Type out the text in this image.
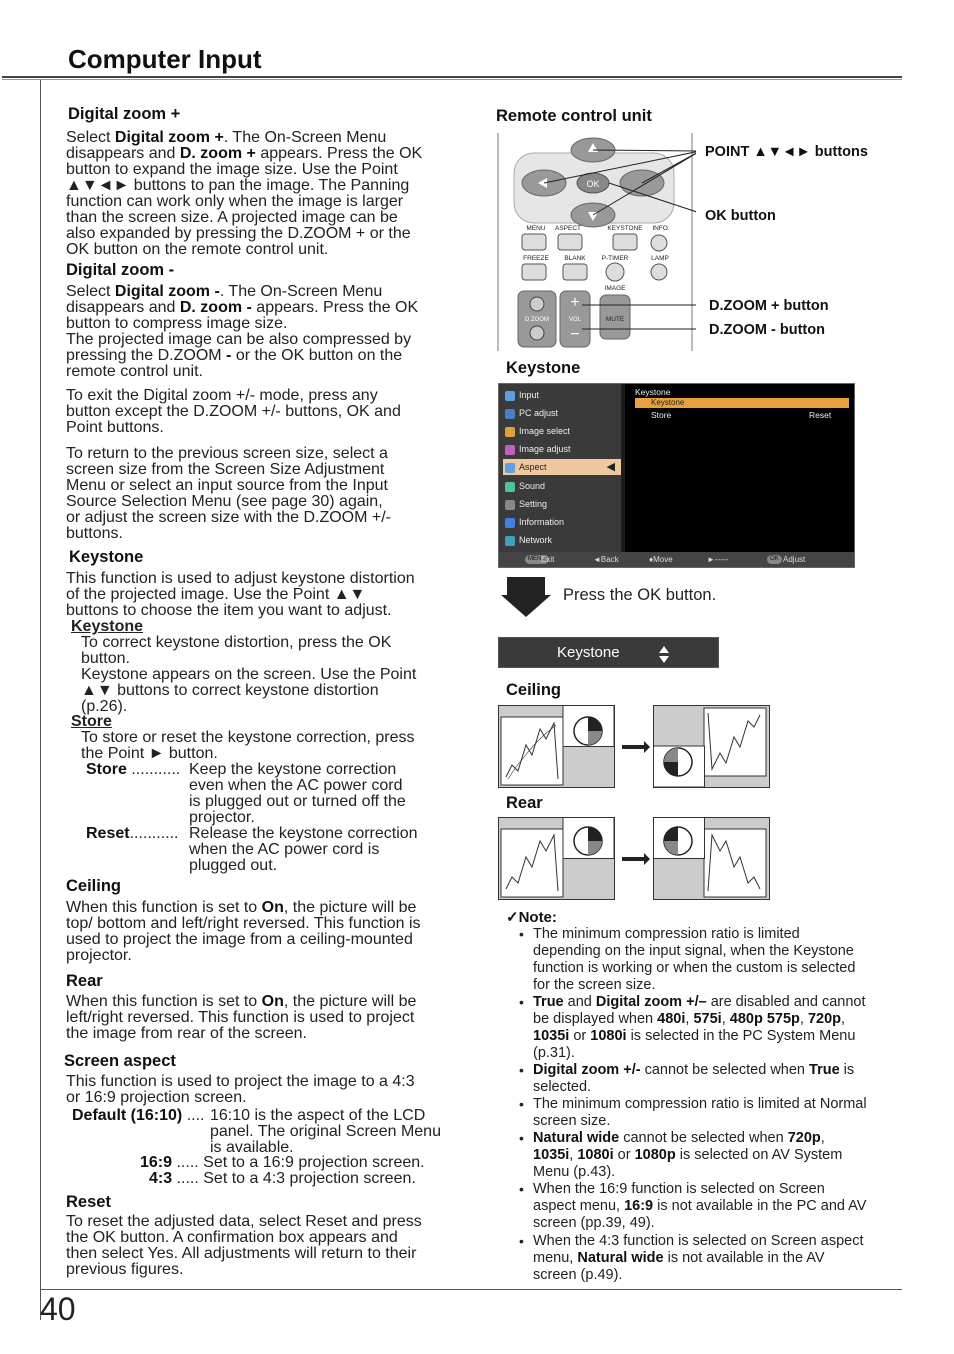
Computer Input
40
Digital zoom +
Select Digital zoom +. The On-Screen Menu
disappears and D. zoom + appears. Press the OK
button to expand the image size. Use the Point
▲▼◄► buttons to pan the image. The Panning
function can work only when the image is larger
than the screen size. A projected image can be
also expanded by pressing the D.ZOOM + or the
OK button on the remote control unit.
Digital zoom -
Select Digital zoom -. The On-Screen Menu
disappears and D. zoom - appears. Press the OK
button to compress image size.
The projected image can be also compressed by
pressing the D.ZOOM - or the OK button on the
remote control unit.
To exit the Digital zoom +/- mode, press any
button except the D.ZOOM +/- buttons, OK and
Point buttons.
To return to the previous screen size, select a
screen size from the Screen Size Adjustment
Menu or select an input source from the Input
Source Selection Menu (see page 30) again,
or adjust the screen size with the D.ZOOM +/-
buttons.
Keystone
This function is used to adjust keystone distortion
of the projected image. Use the Point ▲▼
buttons to choose the item you want to adjust.
Keystone
To correct keystone distortion, press the OK
button.
Keystone appears on the screen. Use the Point
▲▼ buttons to correct keystone distortion
(p.26).
Store
To store or reset the keystone correction, press
the Point ► button.
Store ........... Keep the keystone correction
even when the AC power cord
is plugged out or turned off the
projector.
Reset........... Release the keystone correction
when the AC power cord is
plugged out.
Ceiling
When this function is set to On, the picture will be
top/ bottom and left/right reversed. This function is
used to project the image from a ceiling-mounted
projector.
Rear
When this function is set to On, the picture will be
left/right reversed. This function is used to project
the image from rear of the screen.
Screen aspect
This function is used to project the image to a 4:3
or 16:9 projection screen.
Default (16:10) .... 16:10 is the aspect of the LCD
panel. The original Screen Menu
is available.
16:9 ..... Set to a 16:9 projection screen.
4:3 ..... Set to a 4:3 projection screen.
Reset
To reset the adjusted data, select Reset and press
the OK button. A confirmation box appears and
then select Yes. All adjustments will return to their
previous figures.
Remote control unit
OK
MENU ASPECT	KEYSTONE INFO.
FREEZE BLANK P-TIMER	LAMP
IMAGE
D.ZOOM
+
VOL
−
MUTE
POINT ▲▼◄► buttons
OK button
D.ZOOM + button
D.ZOOM - button
Keystone
Input
PC adjust
Image select
Image adjust
Aspect	◀
Sound
Setting
Information
Network
Keystone
Keystone
Store	Reset
MENU
Exit	◄Back	♦Move	►-----	OK Adjust
Press the OK button.
Keystone
Ceiling
Rear
✓Note:
• The minimum compression ratio is limited
depending on the input signal, when the Keystone
function is working or when the custom is selected
for the screen size.
• True and Digital zoom +/– are disabled and cannot
be displayed when 480i, 575i, 480p 575p, 720p,
1035i or 1080i is selected in the PC System Menu
(p.31).
• Digital zoom +/- cannot be selected when True is
selected.
• The minimum compression ratio is limited at Normal
screen size.
• Natural wide cannot be selected when 720p,
1035i, 1080i or 1080p is selected on AV System
Menu (p.43).
• When the 16:9 function is selected on Screen
aspect menu, 16:9 is not available in the PC and AV
screen (pp.39, 49).
• When the 4:3 function is selected on Screen aspect
menu, Natural wide is not available in the AV
screen (p.49).
